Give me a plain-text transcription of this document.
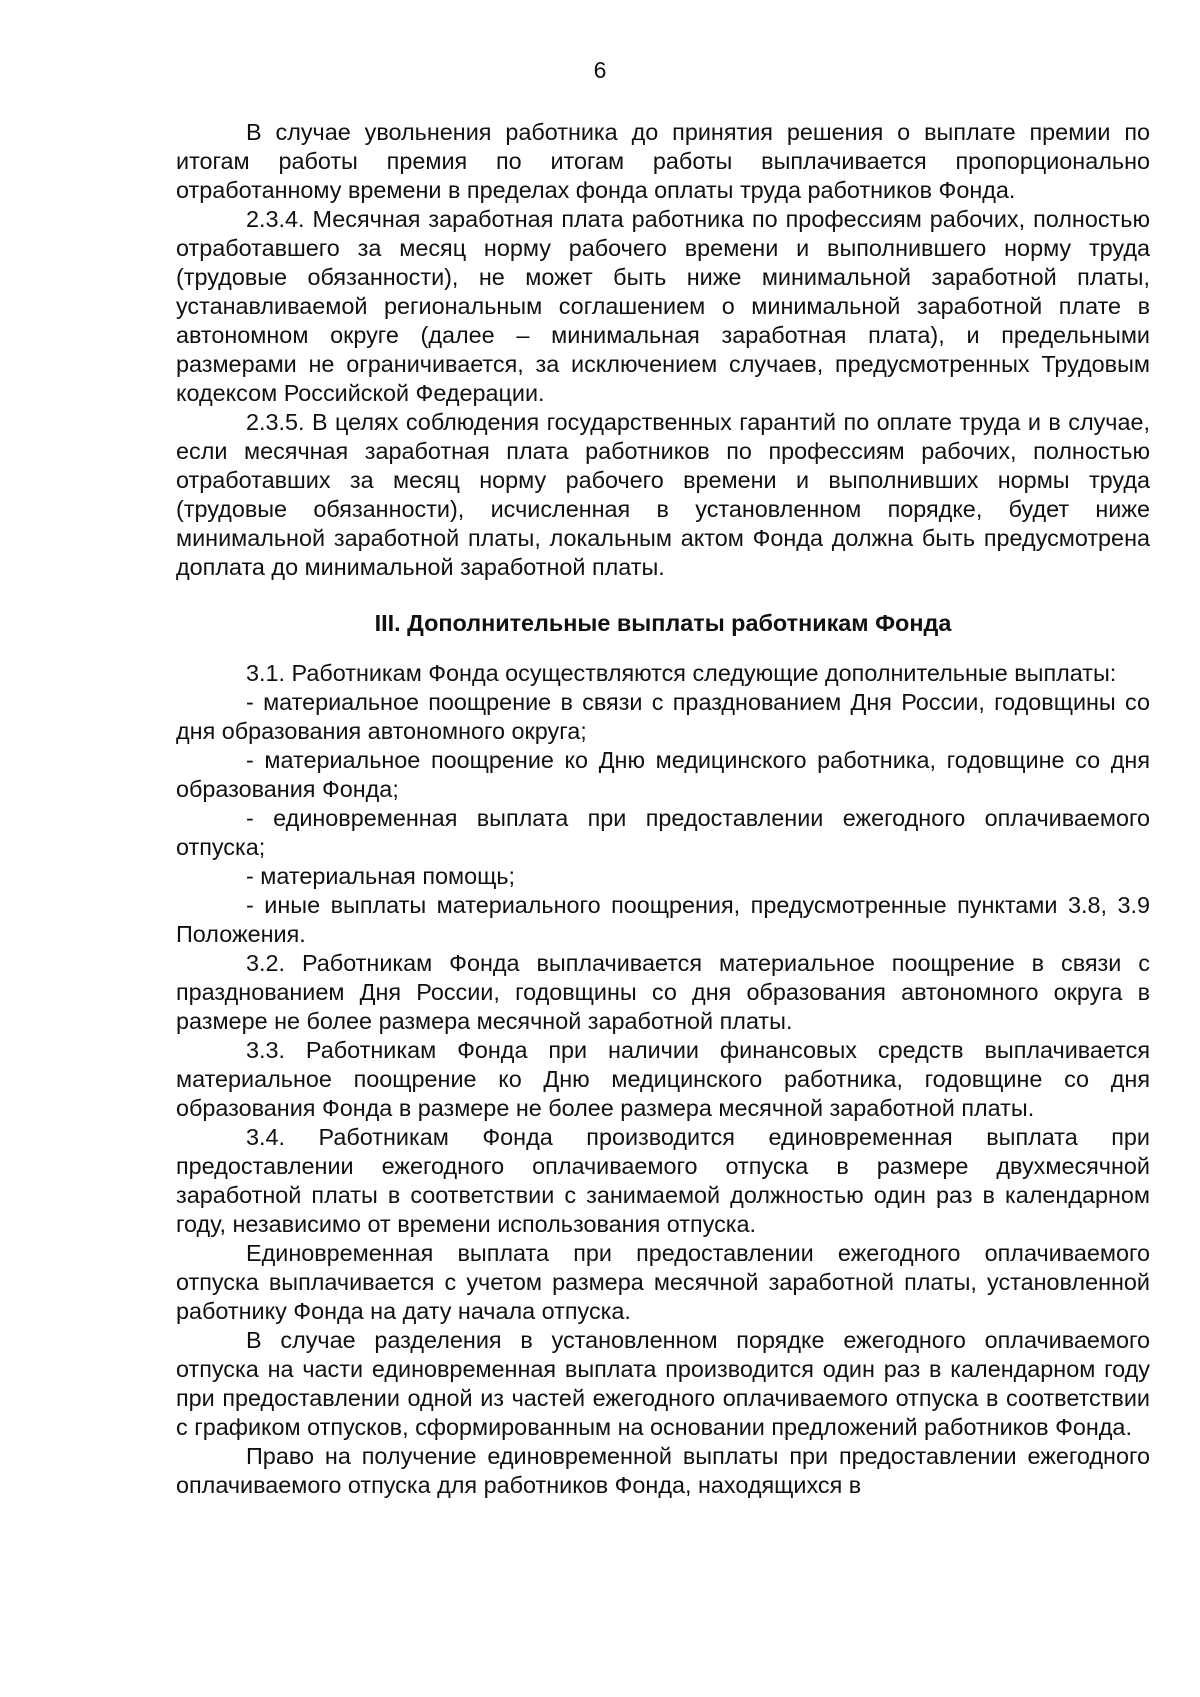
6

В случае увольнения работника до принятия решения о выплате премии по итогам работы премия по итогам работы выплачивается пропорционально отработанному времени в пределах фонда оплаты труда работников Фонда.

2.3.4. Месячная заработная плата работника по профессиям рабочих, полностью отработавшего за месяц норму рабочего времени и выполнившего норму труда (трудовые обязанности), не может быть ниже минимальной заработной платы, устанавливаемой региональным соглашением о минимальной заработной плате в автономном округе (далее – минимальная заработная плата), и предельными размерами не ограничивается, за исключением случаев, предусмотренных Трудовым кодексом Российской Федерации.

2.3.5. В целях соблюдения государственных гарантий по оплате труда и в случае, если месячная заработная плата работников по профессиям рабочих, полностью отработавших за месяц норму рабочего времени и выполнивших нормы труда (трудовые обязанности), исчисленная в установленном порядке, будет ниже минимальной заработной платы, локальным актом Фонда должна быть предусмотрена доплата до минимальной заработной платы.

III. Дополнительные выплаты работникам Фонда

3.1. Работникам Фонда осуществляются следующие дополнительные выплаты:

- материальное поощрение в связи с празднованием Дня России, годовщины со дня образования автономного округа;

- материальное поощрение ко Дню медицинского работника, годовщине со дня образования Фонда;

- единовременная выплата при предоставлении ежегодного оплачиваемого отпуска;

- материальная помощь;

- иные выплаты материального поощрения, предусмотренные пунктами 3.8, 3.9 Положения.

3.2. Работникам Фонда выплачивается материальное поощрение в связи с празднованием Дня России, годовщины со дня образования автономного округа в размере не более размера месячной заработной платы.

3.3. Работникам Фонда при наличии финансовых средств выплачивается материальное поощрение ко Дню медицинского работника, годовщине со дня образования Фонда в размере не более размера месячной заработной платы.

3.4. Работникам Фонда производится единовременная выплата при предоставлении ежегодного оплачиваемого отпуска в размере двухмесячной заработной платы в соответствии с занимаемой должностью один раз в календарном году, независимо от времени использования отпуска.

Единовременная выплата при предоставлении ежегодного оплачиваемого отпуска выплачивается с учетом размера месячной заработной платы, установленной работнику Фонда на дату начала отпуска.

В случае разделения в установленном порядке ежегодного оплачиваемого отпуска на части единовременная выплата производится один раз в календарном году при предоставлении одной из частей ежегодного оплачиваемого отпуска в соответствии с графиком отпусков, сформированным на основании предложений работников Фонда.

Право на получение единовременной выплаты при предоставлении ежегодного оплачиваемого отпуска для работников Фонда, находящихся в
